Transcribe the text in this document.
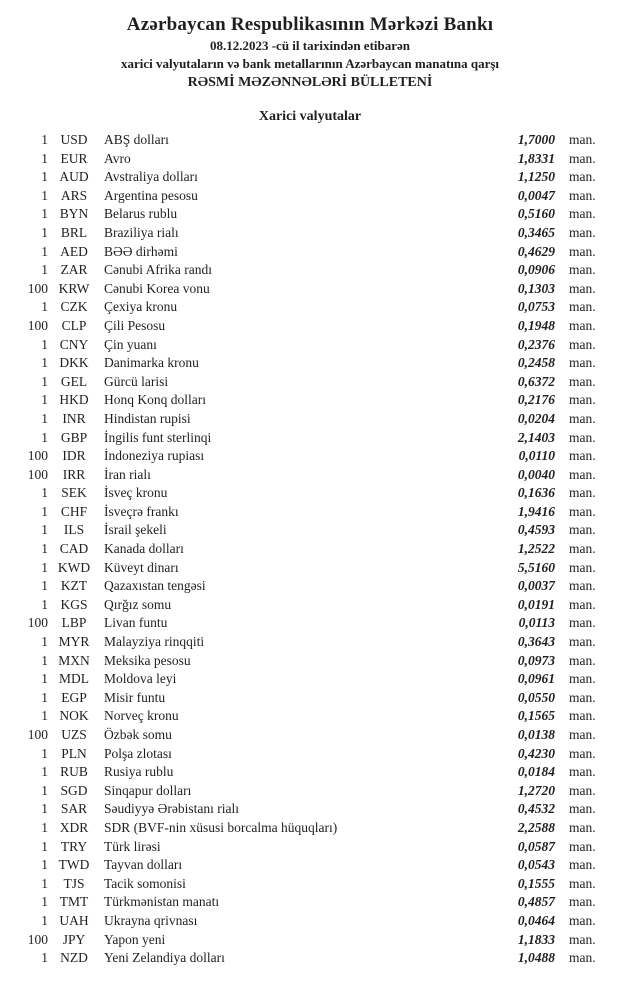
Azərbaycan Respublikasının Mərkəzi Bankı
08.12.2023 -cü il tarixindən etibarən
xarici valyutaların və bank metallarının Azərbaycan manatına qarşı
RƏSMİ MƏZƏNNƏLƏRİ BÜLLETENİ
Xarici valyutalar
1 USD	ABŞ dolları	1,7000	man.
1 EUR	Avro	1,8331	man.
1 AUD	Avstraliya dolları	1,1250	man.
1 ARS	Argentina pesosu	0,0047	man.
1 BYN	Belarus rublu	0,5160	man.
1 BRL	Braziliya rialı	0,3465	man.
1 AED	BƏƏ dirhəmi	0,4629	man.
1 ZAR	Cənubi Afrika randı	0,0906	man.
100 KRW	Cənubi Korea vonu	0,1303	man.
1 CZK	Çexiya kronu	0,0753	man.
100	CLP	Çili Pesosu	0,1948	man.
1 CNY	Çin yuanı	0,2376	man.
1 DKK	Danimarka kronu	0,2458	man.
1 GEL	Gürcü larisi	0,6372	man.
1 HKD	Honq Konq dolları	0,2176	man.
1	INR	Hindistan rupisi	0,0204	man.
1 GBP	İngilis funt sterlinqi	2,1403	man.
100	IDR	İndoneziya rupiası	0,0110	man.
100	IRR	İran rialı	0,0040	man.
1 SEK	İsveç kronu	0,1636	man.
1 CHF	İsveçrə frankı	1,9416	man.
1	ILS	İsrail şekeli	0,4593	man.
1 CAD	Kanada dolları	1,2522	man.
1 KWD	Küveyt dinarı	5,5160	man.
1 KZT	Qazaxıstan tengəsi	0,0037	man.
1 KGS	Qırğız somu	0,0191	man.
100	LBP	Livan funtu	0,0113	man.
1 MYR	Malayziya rinqqiti	0,3643	man.
1 MXN	Meksika pesosu	0,0973	man.
1 MDL	Moldova leyi	0,0961	man.
1 EGP	Misir funtu	0,0550	man.
1 NOK	Norveç kronu	0,1565	man.
100 UZS	Özbək somu	0,0138	man.
1 PLN	Polşa zlotası	0,4230	man.
1 RUB	Rusiya rublu	0,0184	man.
1 SGD	Sinqapur dolları	1,2720	man.
1 SAR	Səudiyyə Ərəbistanı rialı	0,4532	man.
1 XDR	SDR (BVF-nin xüsusi borcalma hüquqları)	2,2588	man.
1 TRY	Türk lirəsi	0,0587	man.
1 TWD	Tayvan dolları	0,0543	man.
1	TJS	Tacik somonisi	0,1555	man.
1 TMT	Türkmənistan manatı	0,4857	man.
1 UAH	Ukrayna qrivnası	0,0464	man.
100	JPY	Yapon yeni	1,1833	man.
1 NZD	Yeni Zelandiya dolları	1,0488	man.
